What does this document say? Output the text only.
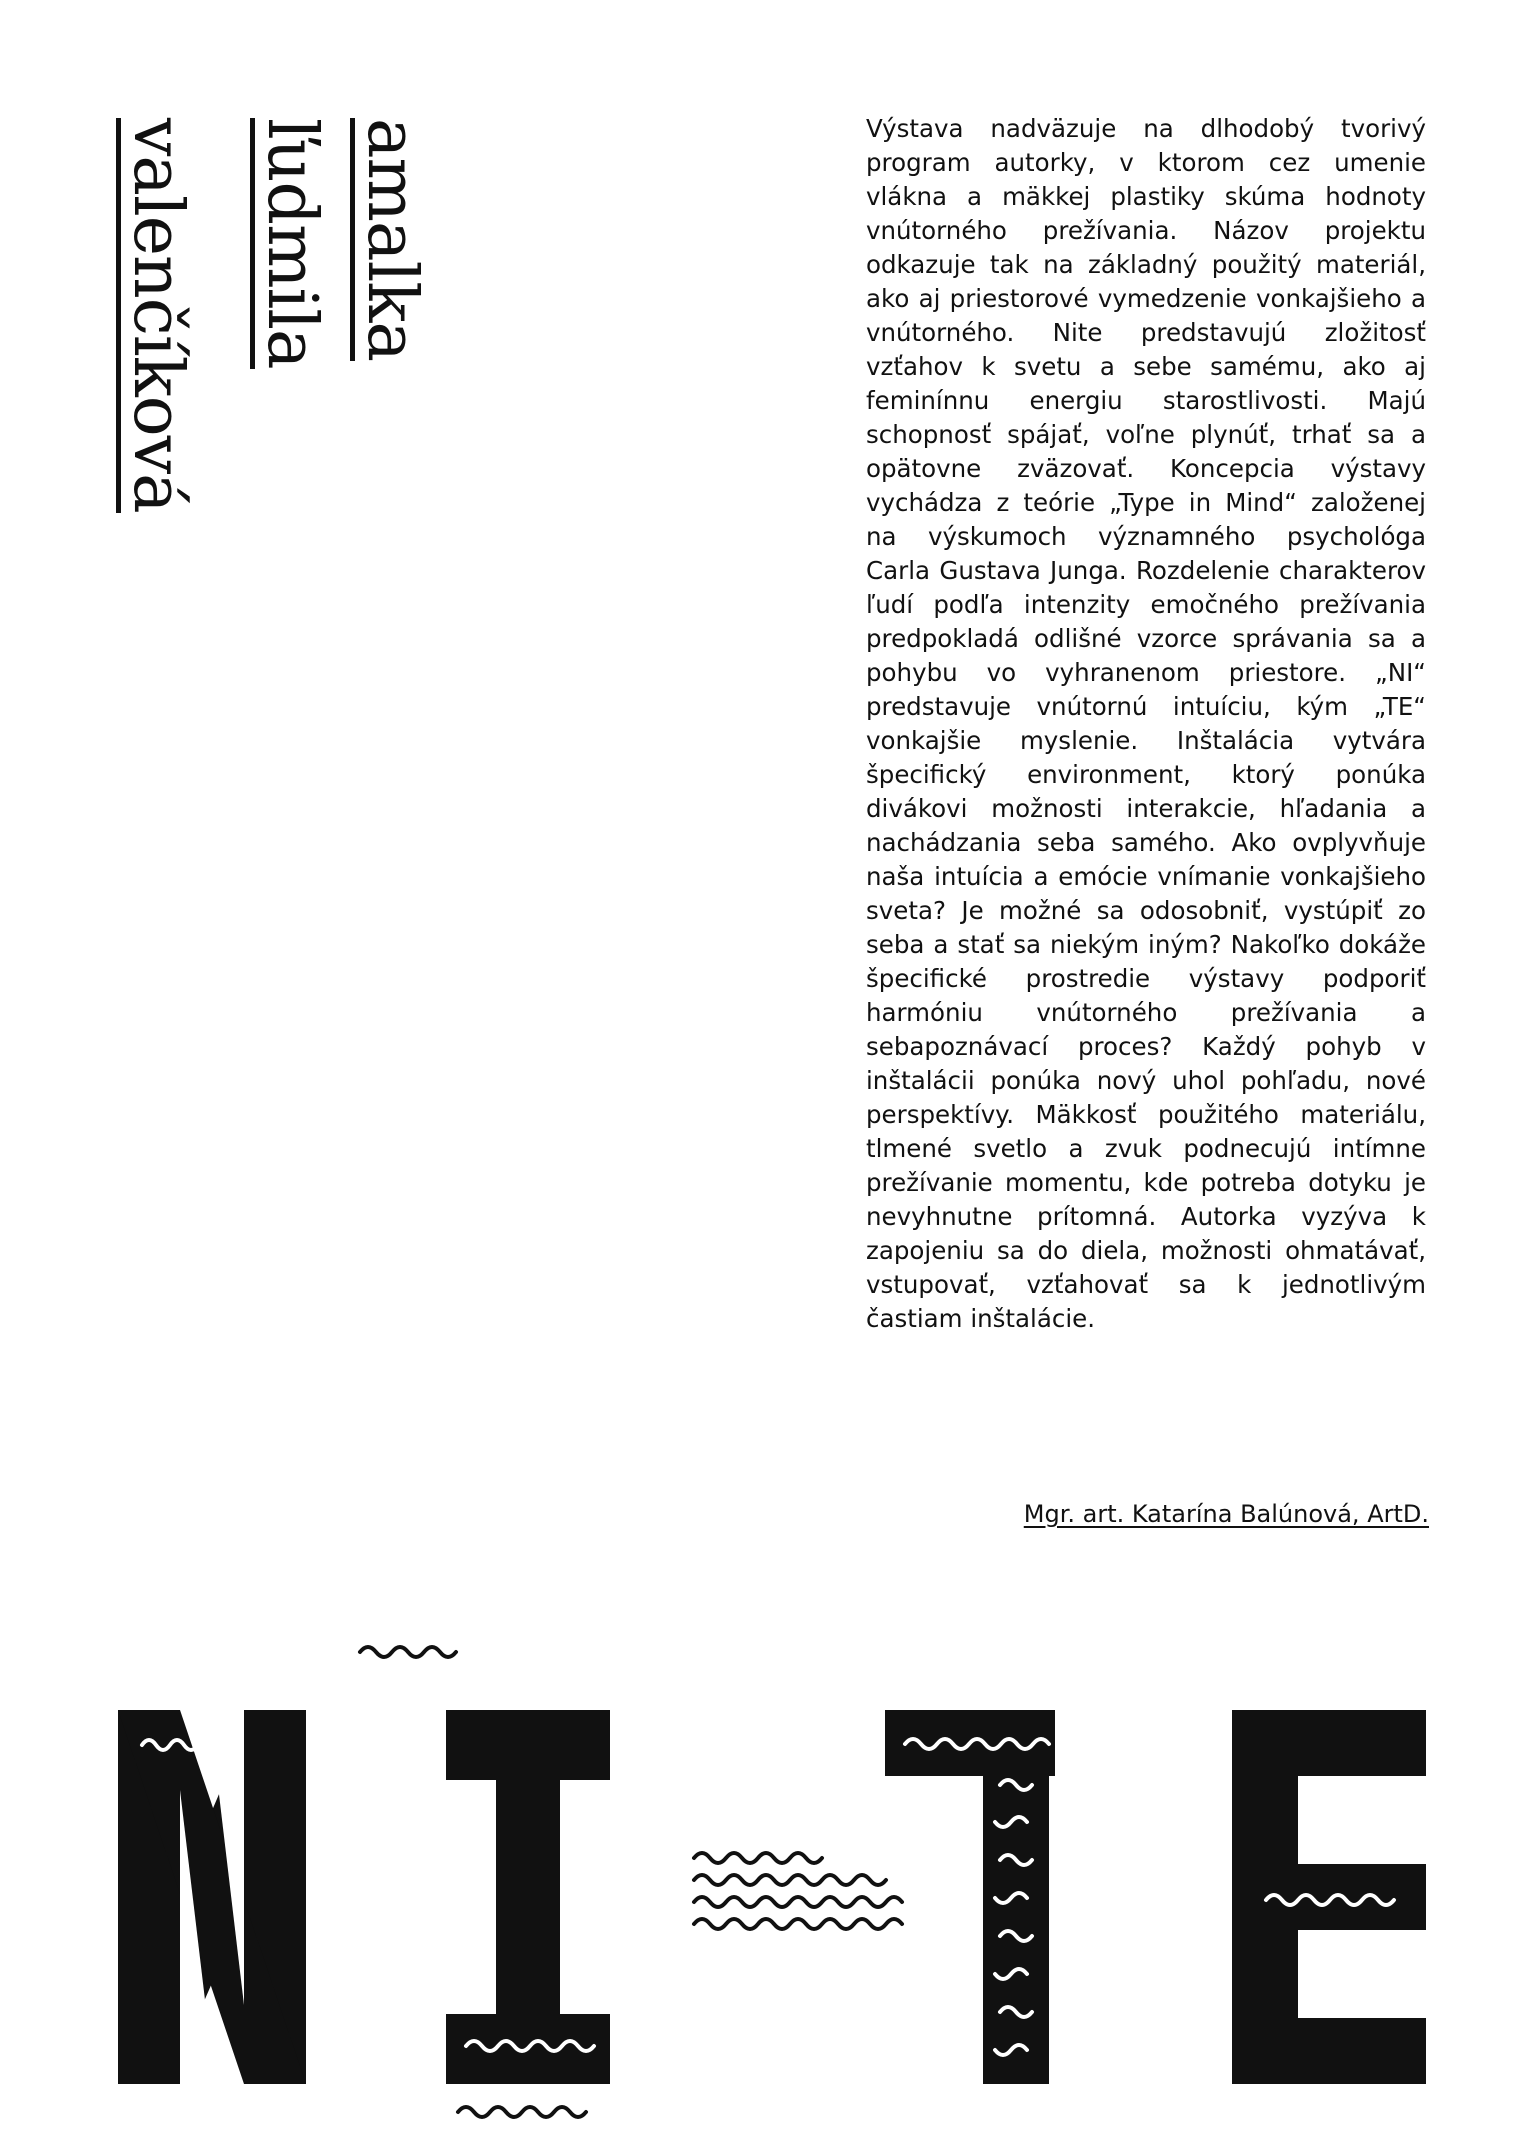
amalka
ľudmila
valenčíková	Výstava nadväzuje na dlhodobý tvorivý program autorky, v ktorom cez umenie vlákna a mäkkej plastiky skúma hodnoty vnútorného prežívania. Názov projektu odkazuje tak na základný použitý materiál, ako aj priestorové vymedzenie vonkajšieho a vnútorného. Nite predstavujú zložitosť vzťahov k svetu a sebe samému, ako aj feminínnu energiu starostlivosti. Majú schopnosť spájať, voľne plynúť, trhať sa a opätovne zväzovať. Koncepcia výstavy vychádza z teórie „Type in Mind“ založenej na výskumoch významného psychológa Carla Gustava Junga. Rozdelenie charakterov ľudí podľa intenzity emočného prežívania predpokladá odlišné vzorce správania sa a pohybu vo vyhranenom priestore. „NI“ predstavuje vnútornú intuíciu, kým „TE“ vonkajšie myslenie. Inštalácia vytvára špecifický environment, ktorý ponúka divákovi možnosti interakcie, hľadania a nachádzania seba samého. Ako ovplyvňuje naša intuícia a emócie vnímanie vonkajšieho sveta? Je možné sa odosobniť, vystúpiť zo seba a stať sa niekým iným? Nakoľko dokáže špecifické prostredie výstavy podporiť harmóniu vnútorného prežívania a sebapoznávací proces? Každý pohyb v inštalácii ponúka nový uhol pohľadu, nové perspektívy. Mäkkosť použitého materiálu, tlmené svetlo a zvuk podnecujú intímne prežívanie momentu, kde potreba dotyku je nevyhnutne prítomná. Autorka vyzýva k zapojeniu sa do diela, možnosti ohmatávať, vstupovať, vzťahovať sa k jednotlivým častiam inštalácie.

Mgr. art. Katarína Balúnová, ArtD.
